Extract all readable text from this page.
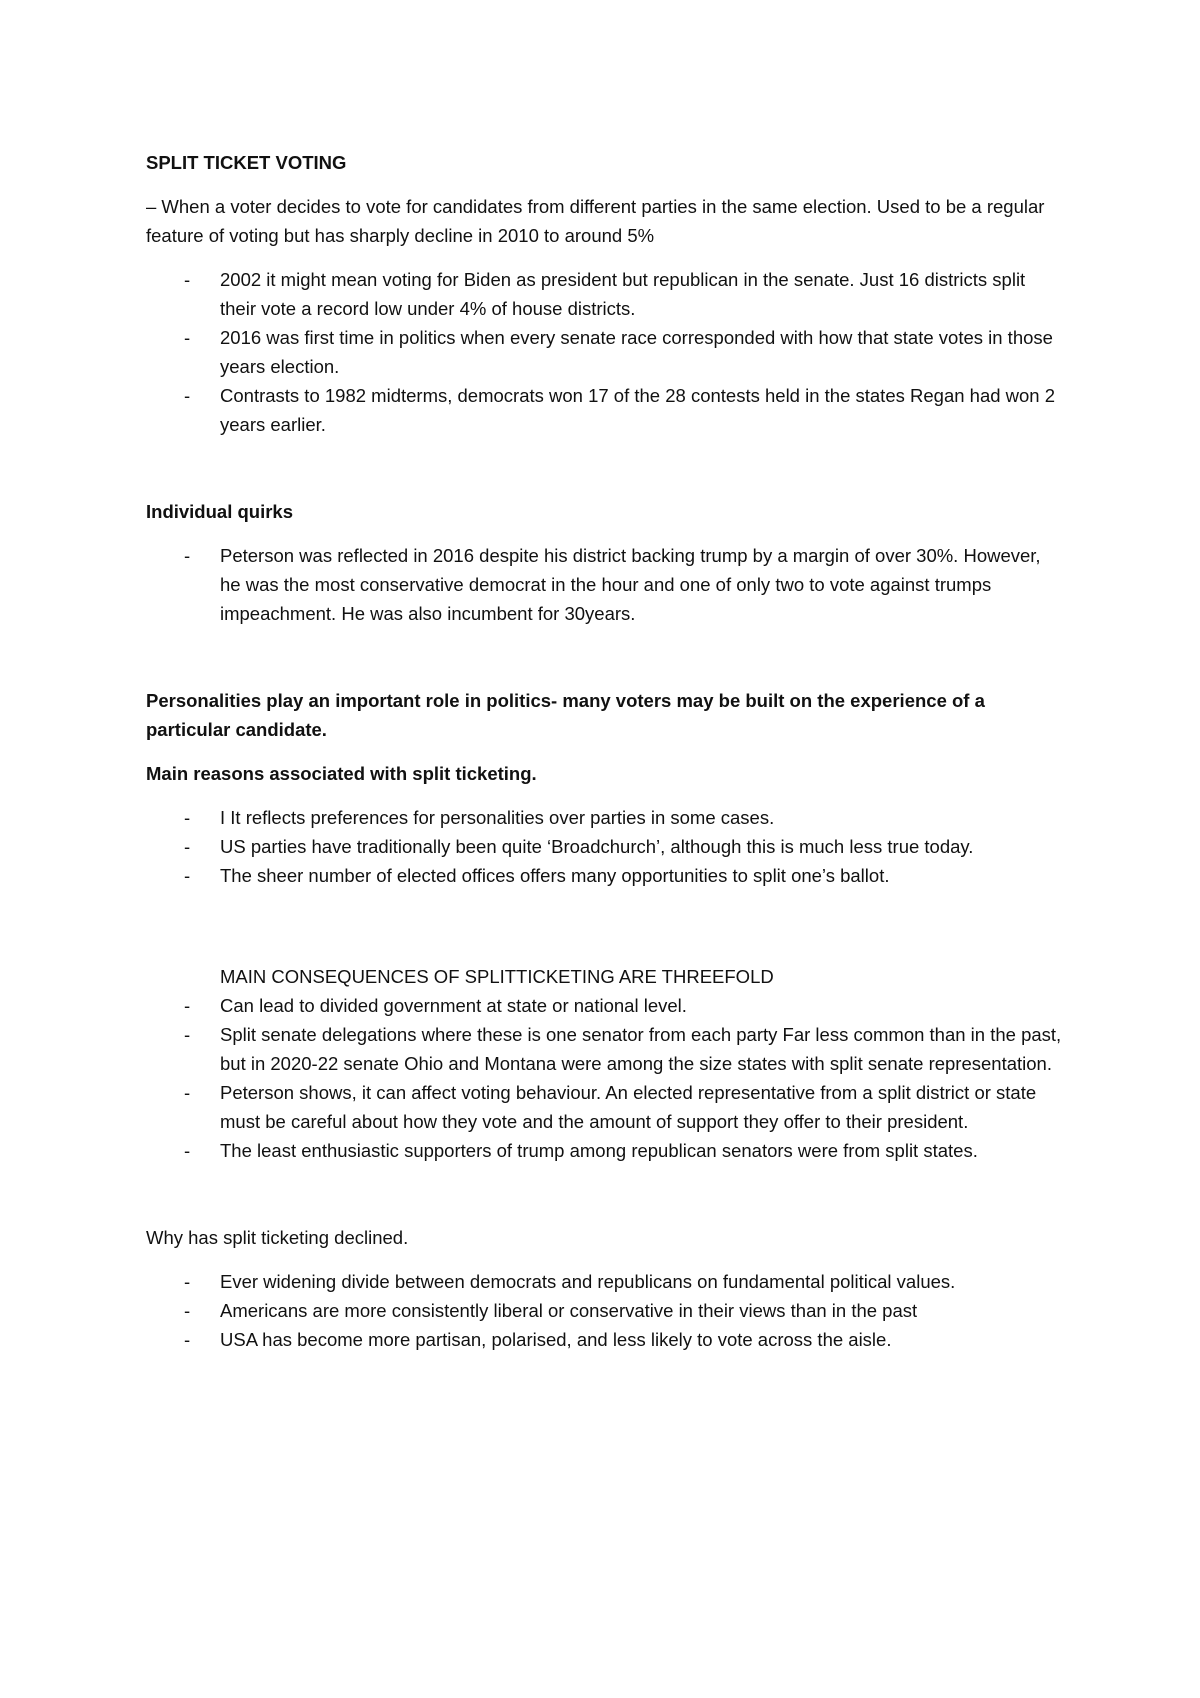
SPLIT TICKET VOTING

– When a voter decides to vote for candidates from different parties in the same election. Used to be a regular feature of voting but has sharply decline in 2010 to around 5%

- 2002 it might mean voting for Biden as president but republican in the senate. Just 16 districts split their vote a record low under 4% of house districts.
- 2016 was first time in politics when every senate race corresponded with how that state votes in those years election.
- Contrasts to 1982 midterms, democrats won 17 of the 28 contests held in the states Regan had won 2 years earlier.

Individual quirks

- Peterson was reflected in 2016 despite his district backing trump by a margin of over 30%. However, he was the most conservative democrat in the hour and one of only two to vote against trumps impeachment. He was also incumbent for 30years.

Personalities play an important role in politics- many voters may be built on the experience of a particular candidate.

Main reasons associated with split ticketing.

- I It reflects preferences for personalities over parties in some cases.
- US parties have traditionally been quite ‘Broadchurch’, although this is much less true today.
- The sheer number of elected offices offers many opportunities to split one’s ballot.

MAIN CONSEQUENCES OF SPLITTICKETING ARE THREEFOLD

- Can lead to divided government at state or national level.
- Split senate delegations where these is one senator from each party Far less common than in the past, but in 2020-22 senate Ohio and Montana were among the size states with split senate representation.
- Peterson shows, it can affect voting behaviour. An elected representative from a split district or state must be careful about how they vote and the amount of support they offer to their president.
- The least enthusiastic supporters of trump among republican senators were from split states.

Why has split ticketing declined.

- Ever widening divide between democrats and republicans on fundamental political values.
- Americans are more consistently liberal or conservative in their views than in the past
- USA has become more partisan, polarised, and less likely to vote across the aisle.
